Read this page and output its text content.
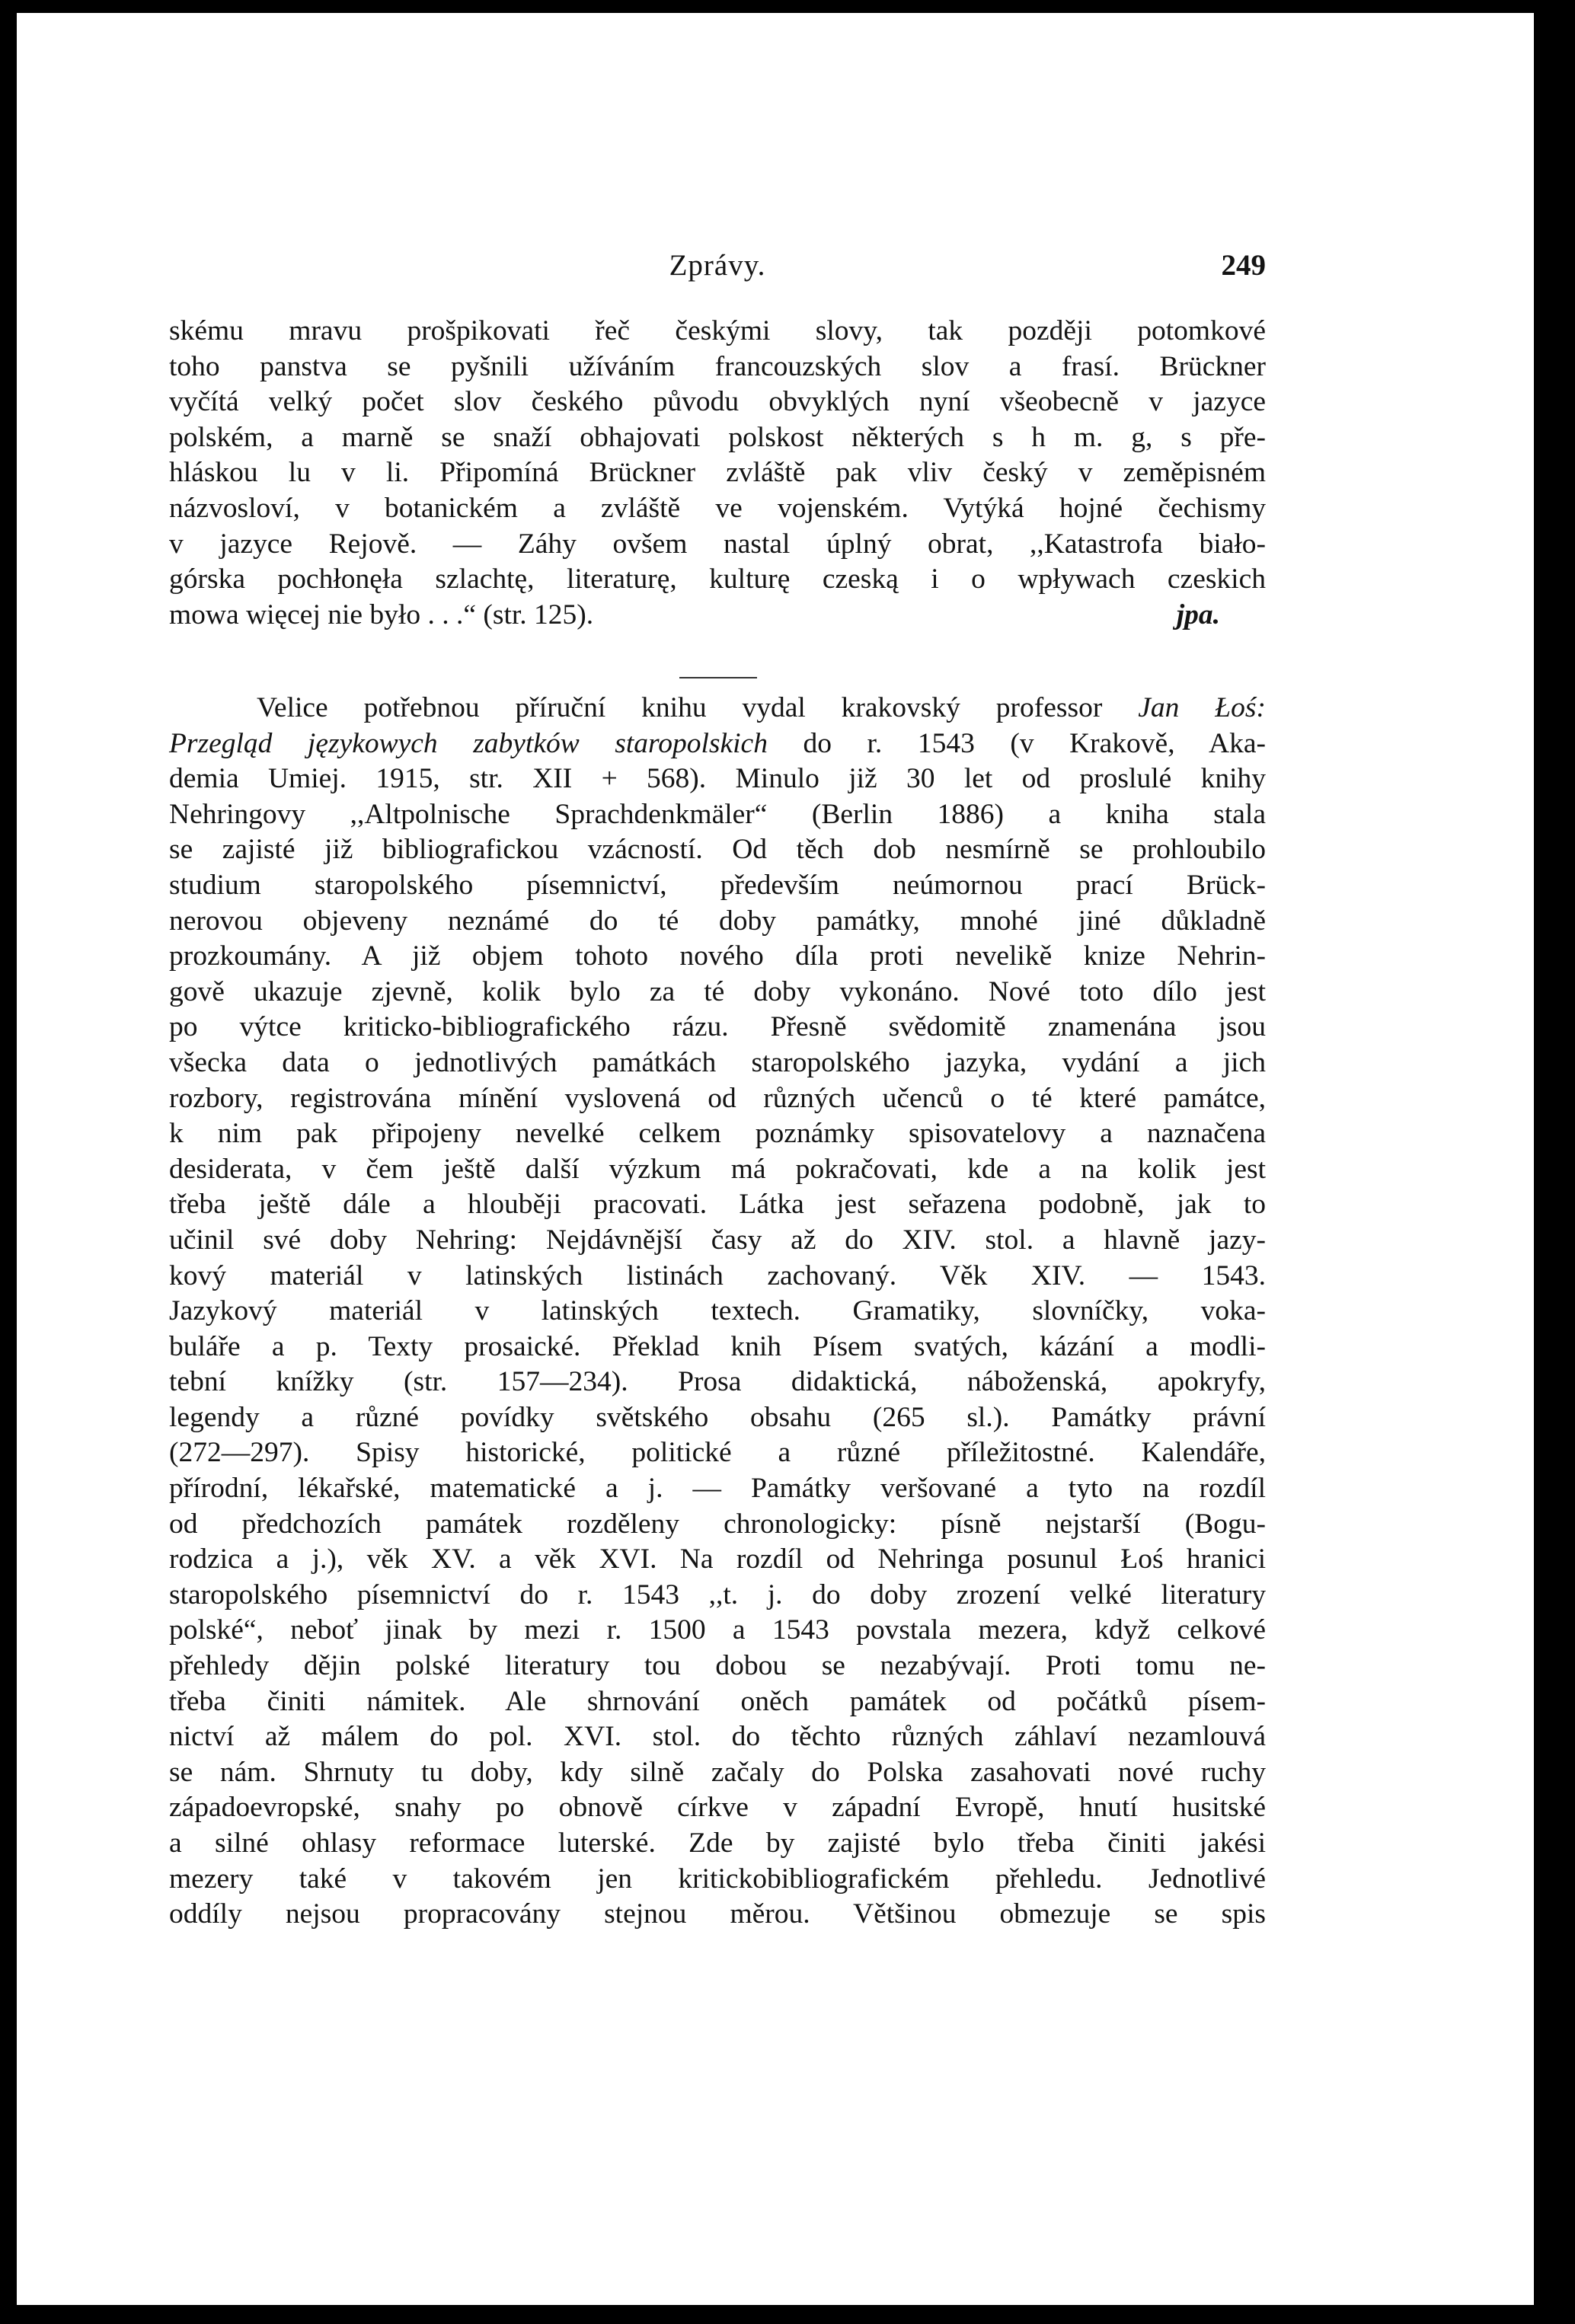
Zprávy.	249
skému mravu prošpikovati řeč českými slovy, tak později potomkové
toho panstva se pyšnili užíváním francouzských slov a frasí. Brückner
vyčítá velký počet slov českého původu obvyklých nyní všeobecně v jazyce
polském, a marně se snaží obhajovati polskost některých s h m. g, s pře-
hláskou lu v li. Připomíná Brückner zvláště pak vliv český v zeměpisném
názvosloví, v botanickém a zvláště ve vojenském. Vytýká hojné čechismy
v jazyce Rejově. — Záhy ovšem nastal úplný obrat, ,,Katastrofa biało-
górska pochłonęła szlachtę, literaturę, kulturę czeską i o wpływach czeskich
mowa więcej nie było . . .“ (str. 125).	jpa.
Velice potřebnou příruční knihu vydal krakovský professor Jan Łoś:
Przegląd językowych zabytków staropolskich do r. 1543 (v Krakově, Aka-
demia Umiej. 1915, str. XII + 568). Minulo již 30 let od proslulé knihy
Nehringovy ,,Altpolnische Sprachdenkmäler“ (Berlin 1886) a kniha stala
se zajisté již bibliografickou vzácností. Od těch dob nesmírně se prohloubilo
studium staropolského písemnictví, především neúmornou prací Brück-
nerovou objeveny neznámé do té doby památky, mnohé jiné důkladně
prozkoumány. A již objem tohoto nového díla proti nevelikě knize Nehrin-
gově ukazuje zjevně, kolik bylo za té doby vykonáno. Nové toto dílo jest
po výtce kriticko-bibliografického rázu. Přesně svědomitě znamenána jsou
všecka data o jednotlivých památkách staropolského jazyka, vydání a jich
rozbory, registrována mínění vyslovená od různých učenců o té které památce,
k nim pak připojeny nevelké celkem poznámky spisovatelovy a naznačena
desiderata, v čem ještě další výzkum má pokračovati, kde a na kolik jest
třeba ještě dále a hlouběji pracovati. Látka jest seřazena podobně, jak to
učinil své doby Nehring: Nejdávnější časy až do XIV. stol. a hlavně jazy-
kový materiál v latinských listinách zachovaný. Věk XIV. — 1543.
Jazykový materiál v latinských textech. Gramatiky, slovníčky, voka-
buláře a p. Texty prosaické. Překlad knih Písem svatých, kázání a modli-
tební knížky (str. 157—234). Prosa didaktická, náboženská, apokryfy,
legendy a různé povídky světského obsahu (265 sl.). Památky právní
(272—297). Spisy historické, politické a různé příležitostné. Kalendáře,
přírodní, lékařské, matematické a j. — Památky veršované a tyto na rozdíl
od předchozích památek rozděleny chronologicky: písně nejstarší (Bogu-
rodzica a j.), věk XV. a věk XVI. Na rozdíl od Nehringa posunul Łoś hranici
staropolského písemnictví do r. 1543 ,,t. j. do doby zrození velké literatury
polské“, neboť jinak by mezi r. 1500 a 1543 povstala mezera, když celkové
přehledy dějin polské literatury tou dobou se nezabývají. Proti tomu ne-
třeba činiti námitek. Ale shrnování oněch památek od počátků písem-
nictví až málem do pol. XVI. stol. do těchto různých záhlaví nezamlouvá
se nám. Shrnuty tu doby, kdy silně začaly do Polska zasahovati nové ruchy
západoevropské, snahy po obnově církve v západní Evropě, hnutí husitské
a silné ohlasy reformace luterské. Zde by zajisté bylo třeba činiti jakési
mezery také v takovém jen kritickobibliografickém přehledu. Jednotlivé
oddíly nejsou propracovány stejnou měrou. Většinou obmezuje se spis
